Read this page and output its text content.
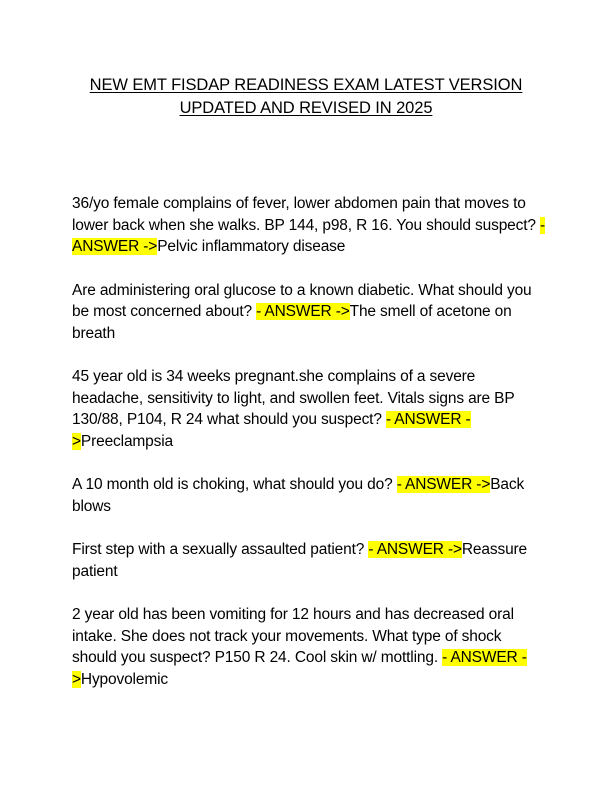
NEW EMT FISDAP READINESS EXAM LATEST VERSION
UPDATED AND REVISED IN 2025

36/yo female complains of fever, lower abdomen pain that moves to lower back when she walks. BP 144, p98, R 16. You should suspect? - ANSWER ->Pelvic inflammatory disease

Are administering oral glucose to a known diabetic. What should you be most concerned about? - ANSWER ->The smell of acetone on breath

45 year old is 34 weeks pregnant.she complains of a severe headache, sensitivity to light, and swollen feet. Vitals signs are BP 130/88, P104, R 24 what should you suspect? - ANSWER ->Preeclampsia

A 10 month old is choking, what should you do? - ANSWER ->Back blows

First step with a sexually assaulted patient? - ANSWER ->Reassure patient

2 year old has been vomiting for 12 hours and has decreased oral intake. She does not track your movements. What type of shock should you suspect? P150 R 24. Cool skin w/ mottling. - ANSWER ->Hypovolemic
